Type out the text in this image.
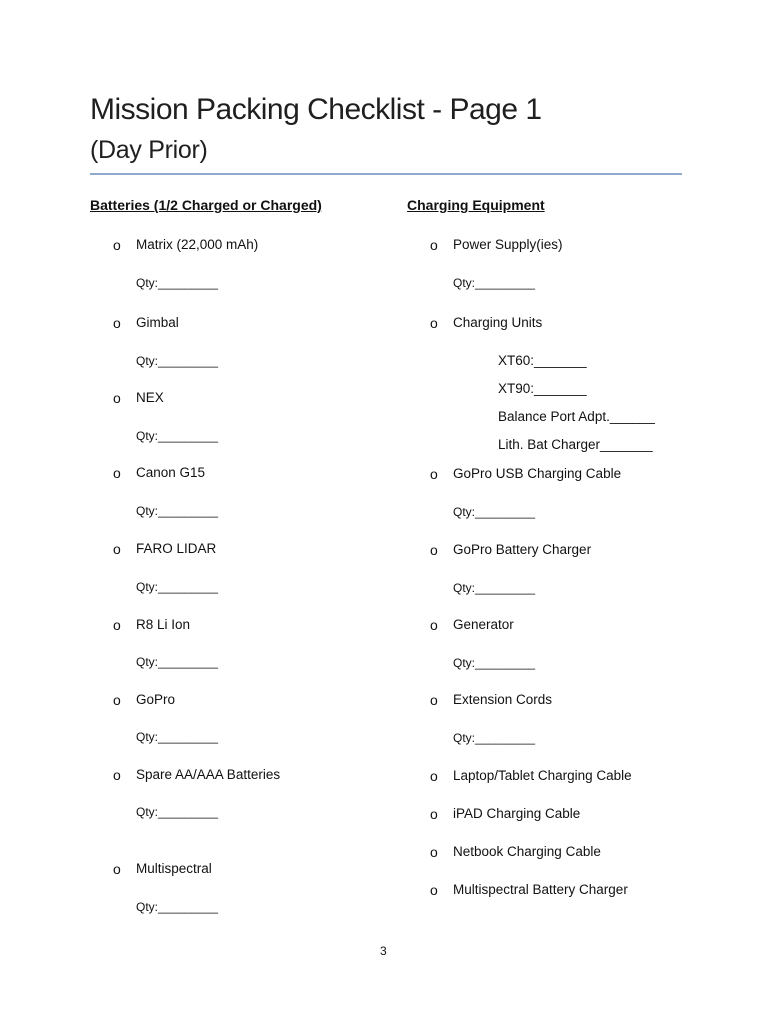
Mission Packing Checklist - Page 1
(Day Prior)
Batteries (1/2 Charged or Charged)
o Matrix (22,000 mAh)
Qty:_________
o Gimbal
Qty:_________
o NEX
Qty:_________
o Canon G15
Qty:_________
o FARO LIDAR
Qty:_________
o R8 Li Ion
Qty:_________
o GoPro
Qty:_________
o Spare AA/AAA Batteries
Qty:_________
o Multispectral
Qty:_________
Charging Equipment
o Power Supply(ies)
Qty:_________
o Charging Units
XT60:_______
XT90:_______
Balance Port Adpt.______
Lith. Bat Charger_______
o GoPro USB Charging Cable
Qty:_________
o GoPro Battery Charger
Qty:_________
o Generator
Qty:_________
o Extension Cords
Qty:_________
o Laptop/Tablet Charging Cable
o iPAD Charging Cable
o Netbook Charging Cable
o Multispectral Battery Charger
3
